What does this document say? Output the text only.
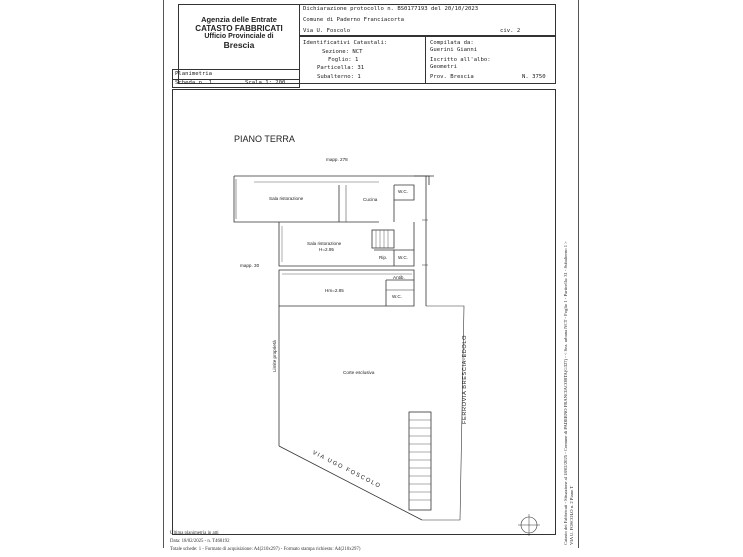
Agenzia delle Entrate
CATASTO FABBRICATI
Ufficio Provinciale di
Brescia
Planimetria
Scheda n. 1	Scala 1: 200
Dichiarazione protocollo n. BS0177193 del 20/10/2023
Comune di Paderno Franciacorta
Via U. Foscolo	civ. 2
Identificativi Catastali:
Sezione: NCT
Foglio: 1
Particella: 31
Subalterno: 1
Compilata da:
Guerini Gianni
Iscritto all'albo:
Geometri
Prov. Brescia	N. 3750
PIANO TERRA
mapp. 278
Sala ristorazione	Cucina
W.C.
Sala ristorazione
H=2.95
Rip. W.C.
mapp. 30
Antib.
Hm=2.85
W.C.
Corte esclusiva
Limite proprietà	FERROVIA BRESCIA-EDOLO
VIA UGO FOSCOLO
Ultima planimetria in atti
Data: 18/02/2025 - n. T468192
Totale schede: 1 - Formato di acquisizione: A4(210x297) - Formato stampa richiesto: A4(210x297)
Catasto dei Fabbricati - Situazione al 18/02/2025 - Comune di PADERNO FRANCIACORTA(G327) - < Sez. urbana NCT - Foglio 1 - Particella: 31 - Subalterno 1 > VIA U. FOSCOLO n. 2 Piano T
